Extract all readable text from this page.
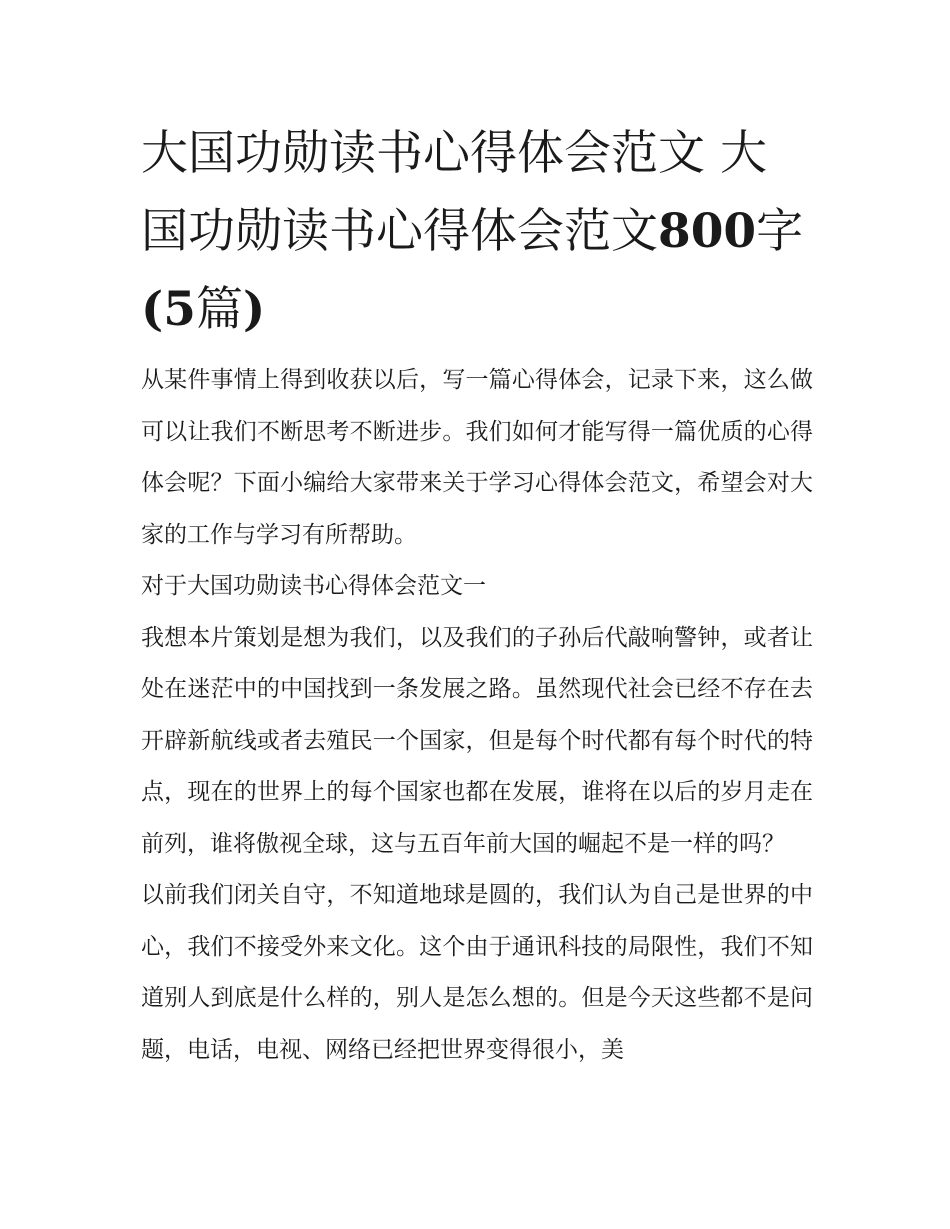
大国功勋读书心得体会范文 大国功勋读书心得体会范文800字(5篇)

从某件事情上得到收获以后，写一篇心得体会，记录下来，这么做可以让我们不断思考不断进步。我们如何才能写得一篇优质的心得体会呢？下面小编给大家带来关于学习心得体会范文，希望会对大家的工作与学习有所帮助。

对于大国功勋读书心得体会范文一

我想本片策划是想为我们，以及我们的子孙后代敲响警钟，或者让处在迷茫中的中国找到一条发展之路。虽然现代社会已经不存在去开辟新航线或者去殖民一个国家，但是每个时代都有每个时代的特点，现在的世界上的每个国家也都在发展，谁将在以后的岁月走在前列，谁将傲视全球，这与五百年前大国的崛起不是一样的吗？

以前我们闭关自守，不知道地球是圆的，我们认为自己是世界的中心，我们不接受外来文化。这个由于通讯科技的局限性，我们不知道别人到底是什么样的，别人是怎么想的。但是今天这些都不是问题，电话，电视、网络已经把世界变得很小，美
